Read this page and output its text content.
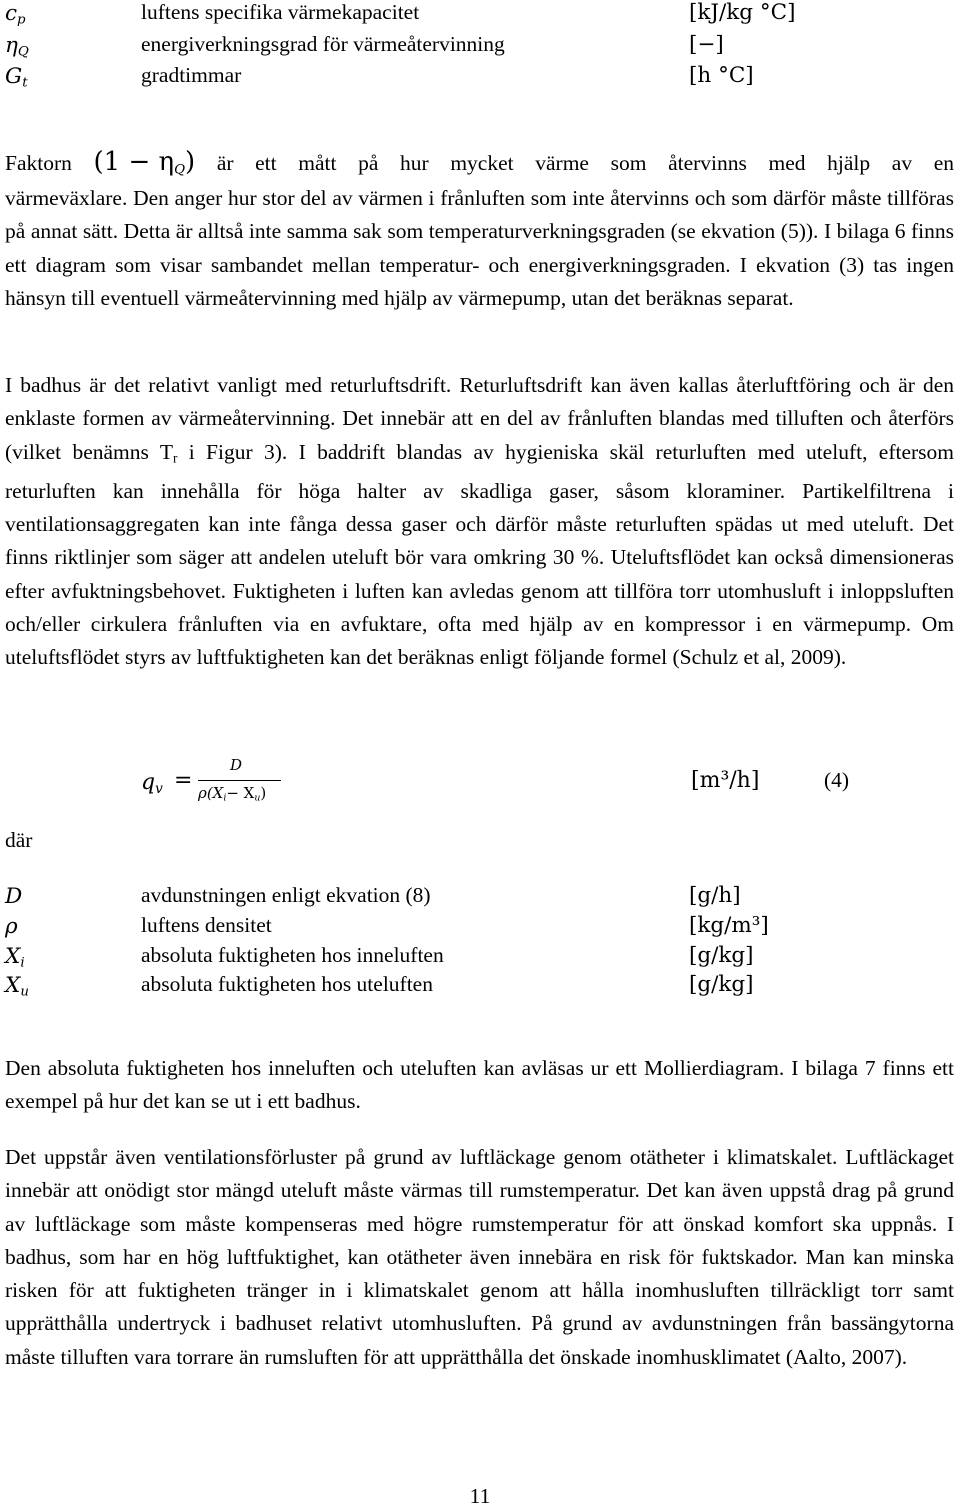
$c_p$	luftens specifika värmekapacitet	[kJ/kg °C]
$\eta_Q$	energiverkningsgrad för värmeåtervinning	[−]
$G_t$	gradtimmar	[h °C]
Faktorn $(1 - \eta_Q)$ är ett mått på hur mycket värme som återvinns med hjälp av en
värmeväxlare. Den anger hur stor del av värmen i frånluften som inte återvinns och som därför måste tillföras på annat sätt. Detta är alltså inte samma sak som temperaturverkningsgraden (se ekvation (5)). I bilaga 6 finns ett diagram som visar sambandet mellan temperatur- och energiverkningsgraden. I ekvation (3) tas ingen hänsyn till eventuell värmeåtervinning med hjälp av värmepump, utan det beräknas separat.
I badhus är det relativt vanligt med returluftsdrift. Returluftsdrift kan även kallas återluftföring och är den enklaste formen av värmeåtervinning. Det innebär att en del av frånluften blandas med tilluften och återförs (vilket benämns $T_r$ i Figur 3). I baddrift blandas av hygieniska skäl returluften med uteluft, eftersom returluften kan innehålla för höga halter av skadliga gaser, såsom kloraminer. Partikelfiltrena i ventilationsaggregaten kan inte fånga dessa gaser och därför måste returluften spädas ut med uteluft. Det finns riktlinjer som säger att andelen uteluft bör vara omkring 30 %. Uteluftsflödet kan också dimensioneras efter avfuktningsbehovet. Fuktigheten i luften kan avledas genom att tillföra torr utomhusluft i inloppsluften och/eller cirkulera frånluften via en avfuktare, ofta med hjälp av en kompressor i en värmepump. Om uteluftsflödet styrs av luftfuktigheten kan det beräknas enligt följande formel (Schulz et al, 2009).
$q_v$ =
D
$\rho(X_i- X_u)$	[m³/h]	(4)
där
D	avdunstningen enligt ekvation (8)	[g/h]
ρ	luftens densitet	[kg/m³]
$X_i$	absoluta fuktigheten hos inneluften	[g/kg]
$X_u$	absoluta fuktigheten hos uteluften	[g/kg]
Den absoluta fuktigheten hos inneluften och uteluften kan avläsas ur ett Mollierdiagram. I bilaga 7 finns ett exempel på hur det kan se ut i ett badhus.
Det uppstår även ventilationsförluster på grund av luftläckage genom otätheter i klimatskalet. Luftläckaget innebär att onödigt stor mängd uteluft måste värmas till rumstemperatur. Det kan även uppstå drag på grund av luftläckage som måste kompenseras med högre rumstemperatur för att önskad komfort ska uppnås. I badhus, som har en hög luftfuktighet, kan otätheter även innebära en risk för fuktskador. Man kan minska risken för att fuktigheten tränger in i klimatskalet genom att hålla inomhusluften tillräckligt torr samt upprätthålla undertryck i badhuset relativt utomhusluften. På grund av avdunstningen från bassängytorna måste tilluften vara torrare än rumsluften för att upprätthålla det önskade inomhusklimatet (Aalto, 2007).
11
